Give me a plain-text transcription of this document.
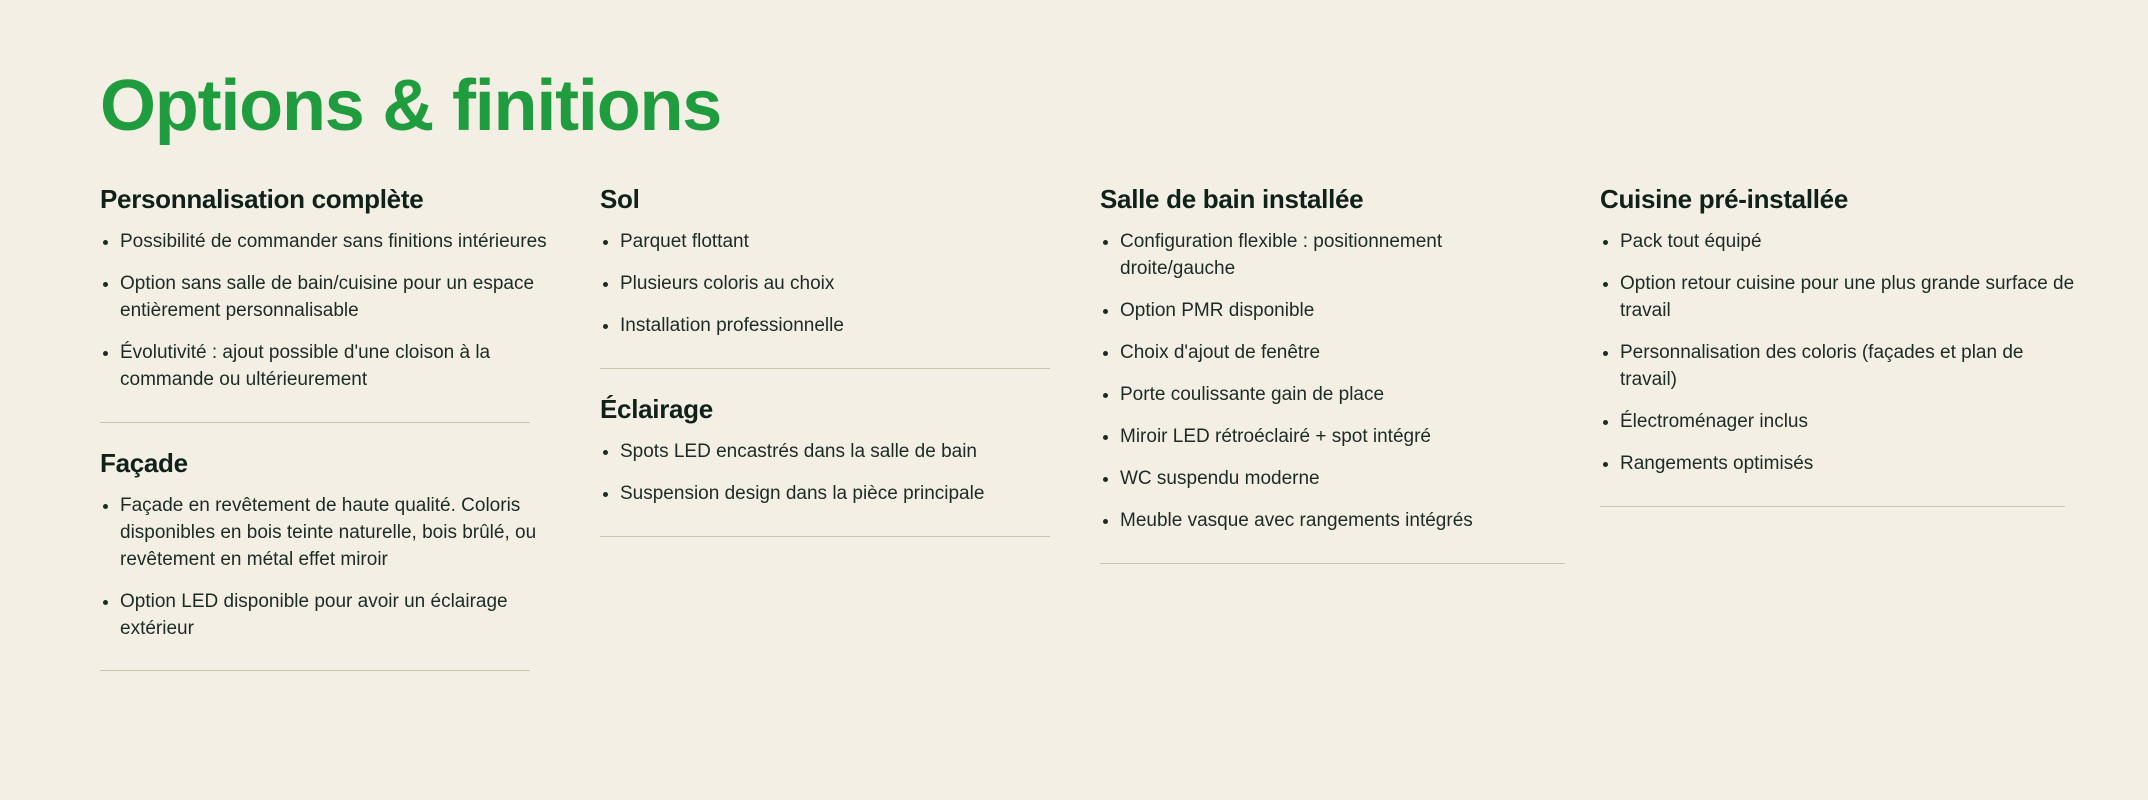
Options & finitions
Personnalisation complète
Possibilité de commander sans finitions intérieures
Option sans salle de bain/cuisine pour un espace entièrement personnalisable
Évolutivité : ajout possible d'une cloison à la commande ou ultérieurement
Façade
Façade en revêtement de haute qualité. Coloris disponibles en bois teinte naturelle, bois brûlé, ou revêtement en métal effet miroir
Option LED disponible pour avoir un éclairage extérieur
Sol
Parquet flottant
Plusieurs coloris au choix
Installation professionnelle
Éclairage
Spots LED encastrés dans la salle de bain
Suspension design dans la pièce principale
Salle de bain installée
Configuration flexible : positionnement droite/gauche
Option PMR disponible
Choix d'ajout de fenêtre
Porte coulissante gain de place
Miroir LED rétroéclairé + spot intégré
WC suspendu moderne
Meuble vasque avec rangements intégrés
Cuisine pré-installée
Pack tout équipé
Option retour cuisine pour une plus grande surface de travail
Personnalisation des coloris (façades et plan de travail)
Électroménager inclus
Rangements optimisés
